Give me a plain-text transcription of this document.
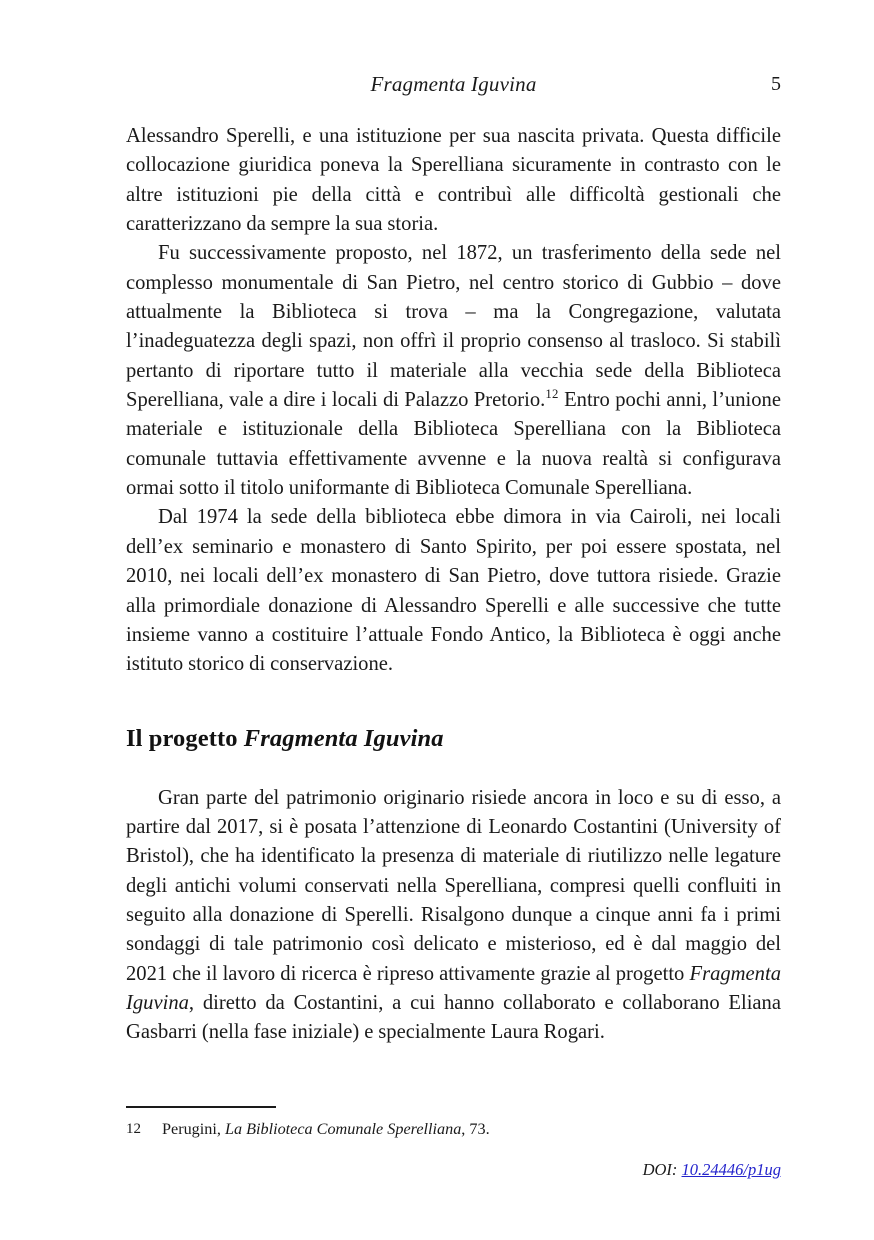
Fragmenta Iguvina	5

Alessandro Sperelli, e una istituzione per sua nascita privata. Questa difficile collocazione giuridica poneva la Sperelliana sicuramente in contrasto con le altre istituzioni pie della città e contribuì alle difficoltà gestionali che caratterizzano da sempre la sua storia.

Fu successivamente proposto, nel 1872, un trasferimento della sede nel complesso monumentale di San Pietro, nel centro storico di Gubbio – dove attualmente la Biblioteca si trova – ma la Congregazione, valutata l’inadeguatezza degli spazi, non offrì il proprio consenso al trasloco. Si stabilì pertanto di riportare tutto il materiale alla vecchia sede della Biblioteca Sperelliana, vale a dire i locali di Palazzo Pretorio.$^{12}$ Entro pochi anni, l’unione materiale e istituzionale della Biblioteca Sperelliana con la Biblioteca comunale tuttavia effettivamente avvenne e la nuova realtà si configurava ormai sotto il titolo uniformante di Biblioteca Comunale Sperelliana.

Dal 1974 la sede della biblioteca ebbe dimora in via Cairoli, nei locali dell’ex seminario e monastero di Santo Spirito, per poi essere spostata, nel 2010, nei locali dell’ex monastero di San Pietro, dove tuttora risiede. Grazie alla primordiale donazione di Alessandro Sperelli e alle successive che tutte insieme vanno a costituire l’attuale Fondo Antico, la Biblioteca è oggi anche istituto storico di conservazione.

Il progetto Fragmenta Iguvina

Gran parte del patrimonio originario risiede ancora in loco e su di esso, a partire dal 2017, si è posata l’attenzione di Leonardo Costantini (University of Bristol), che ha identificato la presenza di materiale di riutilizzo nelle legature degli antichi volumi conservati nella Sperelliana, compresi quelli confluiti in seguito alla donazione di Sperelli. Risalgono dunque a cinque anni fa i primi sondaggi di tale patrimonio così delicato e misterioso, ed è dal maggio del 2021 che il lavoro di ricerca è ripreso attivamente grazie al progetto Fragmenta Iguvina, diretto da Costantini, a cui hanno collaborato e collaborano Eliana Gasbarri (nella fase iniziale) e specialmente Laura Rogari.

12	Perugini, La Biblioteca Comunale Sperelliana, 73.
DOI: 10.24446/p1ug
